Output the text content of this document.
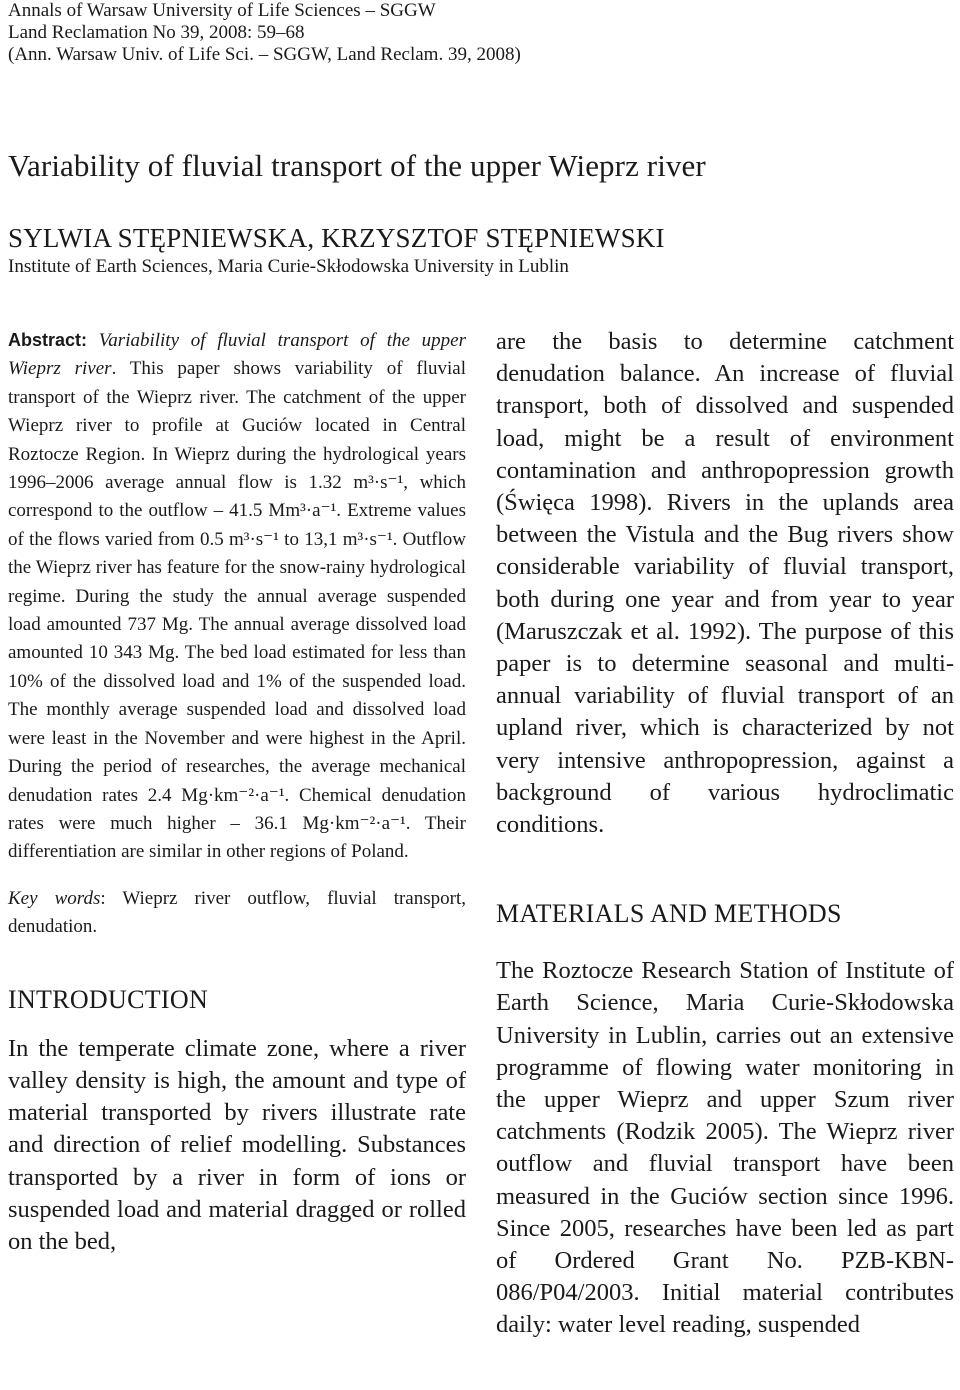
Annals of Warsaw University of Life Sciences – SGGW
Land Reclamation No 39, 2008: 59–68
(Ann. Warsaw Univ. of Life Sci. – SGGW, Land Reclam. 39, 2008)
Variability of fluvial transport of the upper Wieprz river
SYLWIA STĘPNIEWSKA, KRZYSZTOF STĘPNIEWSKI
Institute of Earth Sciences, Maria Curie-Skłodowska University in Lublin

Abstract: Variability of fluvial transport of the upper Wieprz river. This paper shows variability of fluvial transport of the Wieprz river. The catchment of the upper Wieprz river to profile at Guciów located in Central Roztocze Region. In Wieprz during the hydrological years 1996–2006 average annual flow is 1.32 m³·s⁻¹, which correspond to the outflow – 41.5 Mm³·a⁻¹. Extreme values of the flows varied from 0.5 m³·s⁻¹ to 13,1 m³·s⁻¹. Outflow the Wieprz river has feature for the snow-rainy hydrological regime. During the study the annual average suspended load amounted 737 Mg. The annual average dissolved load amounted 10 343 Mg. The bed load estimated for less than 10% of the dissolved load and 1% of the suspended load. The monthly average suspended load and dissolved load were least in the November and were highest in the April. During the period of researches, the average mechanical denudation rates 2.4 Mg·km⁻²·a⁻¹. Chemical denudation rates were much higher – 36.1 Mg·km⁻²·a⁻¹. Their differentiation are similar in other regions of Poland.

Key words: Wieprz river outflow, fluvial transport, denudation.

INTRODUCTION

In the temperate climate zone, where a river valley density is high, the amount and type of material transported by rivers illustrate rate and direction of relief modelling. Substances transported by a river in form of ions or suspended load and material dragged or rolled on the bed,

are the basis to determine catchment denudation balance. An increase of fluvial transport, both of dissolved and suspended load, might be a result of environment contamination and anthropopression growth (Święca 1998). Rivers in the uplands area between the Vistula and the Bug rivers show considerable variability of fluvial transport, both during one year and from year to year (Maruszczak et al. 1992). The purpose of this paper is to determine seasonal and multi-annual variability of fluvial transport of an upland river, which is characterized by not very intensive anthropopression, against a background of various hydroclimatic conditions.

MATERIALS AND METHODS

The Roztocze Research Station of Institute of Earth Science, Maria Curie-Skłodowska University in Lublin, carries out an extensive programme of flowing water monitoring in the upper Wieprz and upper Szum river catchments (Rodzik 2005). The Wieprz river outflow and fluvial transport have been measured in the Guciów section since 1996. Since 2005, researches have been led as part of Ordered Grant No. PZB-KBN-086/P04/2003. Initial material contributes daily: water level reading, suspended
